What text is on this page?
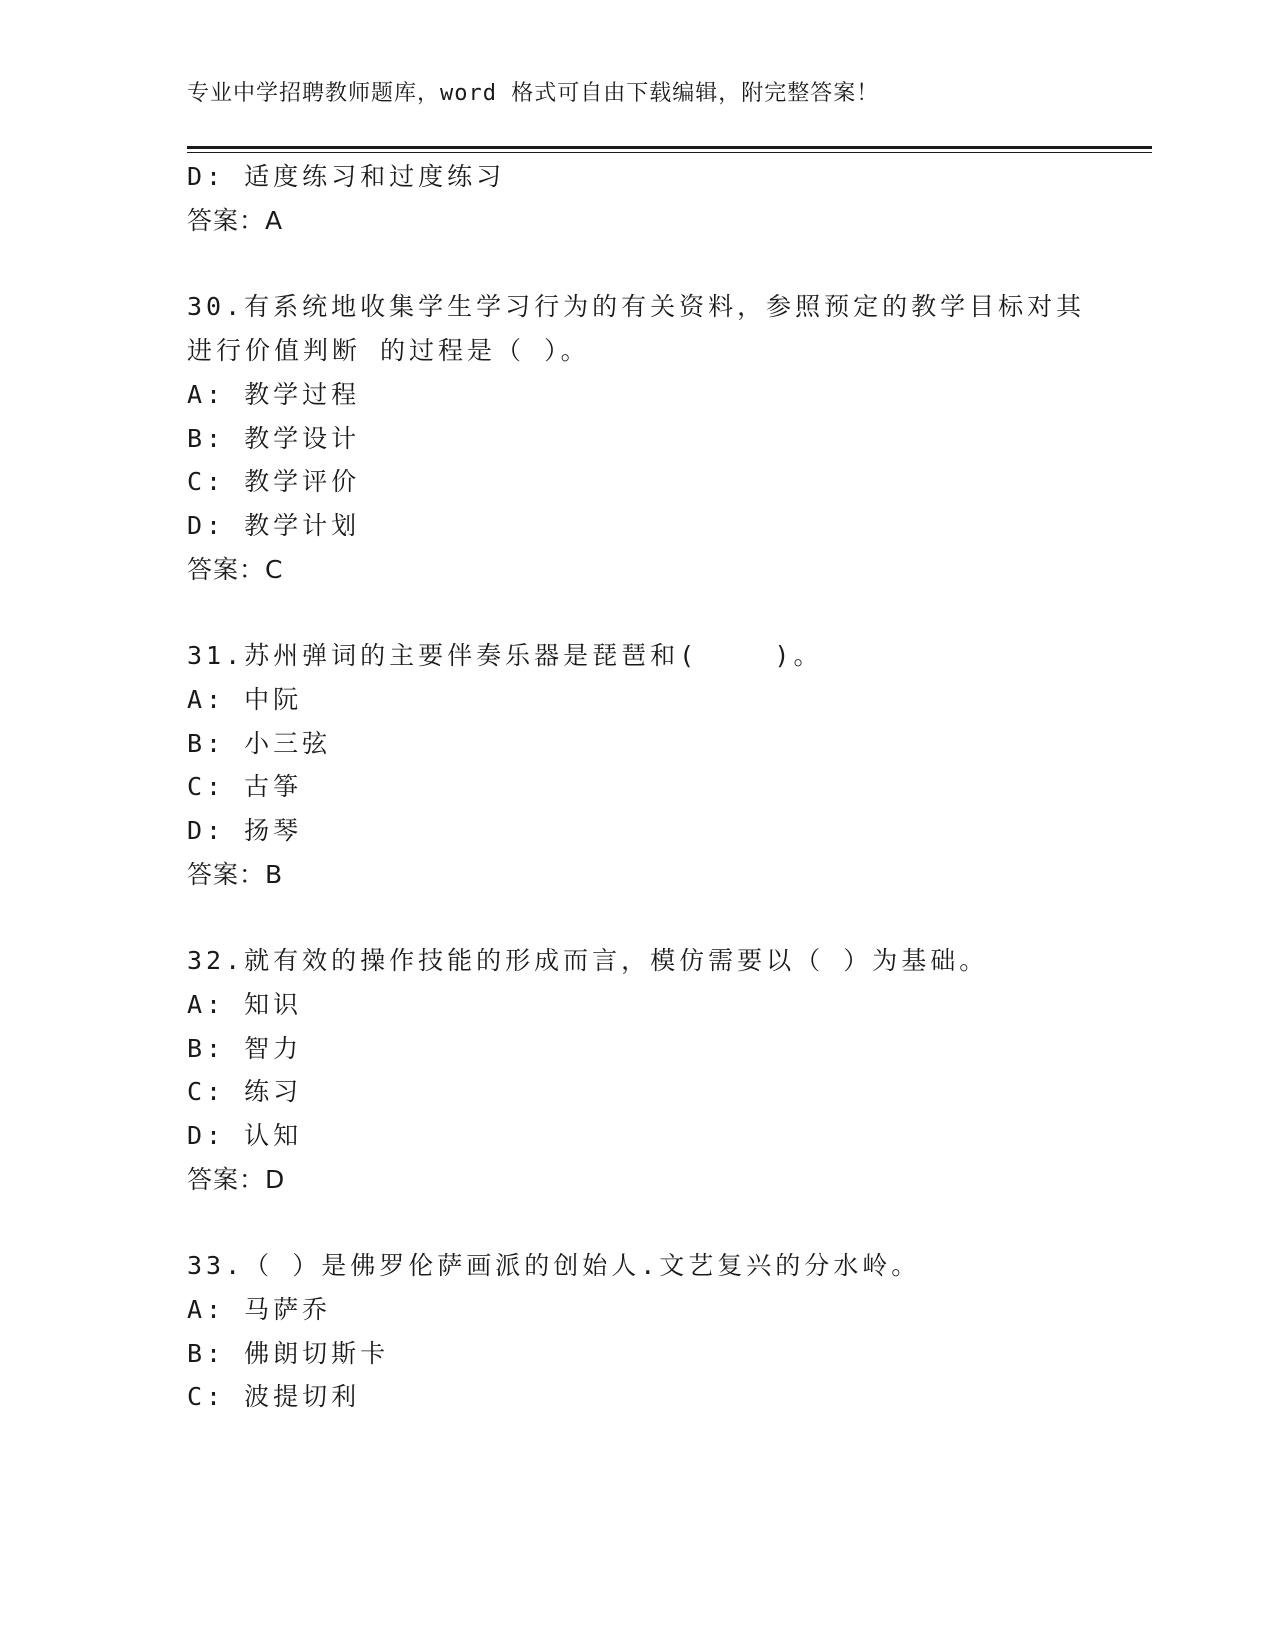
专业中学招聘教师题库，word 格式可自由下载编辑，附完整答案！
D: 适度练习和过度练习
答案：A
30.有系统地收集学生学习行为的有关资料，参照预定的教学目标对其
进行价值判断 的过程是（ ）。
A: 教学过程
B: 教学设计
C: 教学评价
D: 教学计划
答案：C
31.苏州弹词的主要伴奏乐器是琵琶和(    )。
A: 中阮
B: 小三弦
C: 古筝
D: 扬琴
答案：B
32.就有效的操作技能的形成而言，模仿需要以（ ）为基础。
A: 知识
B: 智力
C: 练习
D: 认知
答案：D
33.（ ）是佛罗伦萨画派的创始人.文艺复兴的分水岭。
A: 马萨乔
B: 佛朗切斯卡
C: 波提切利
